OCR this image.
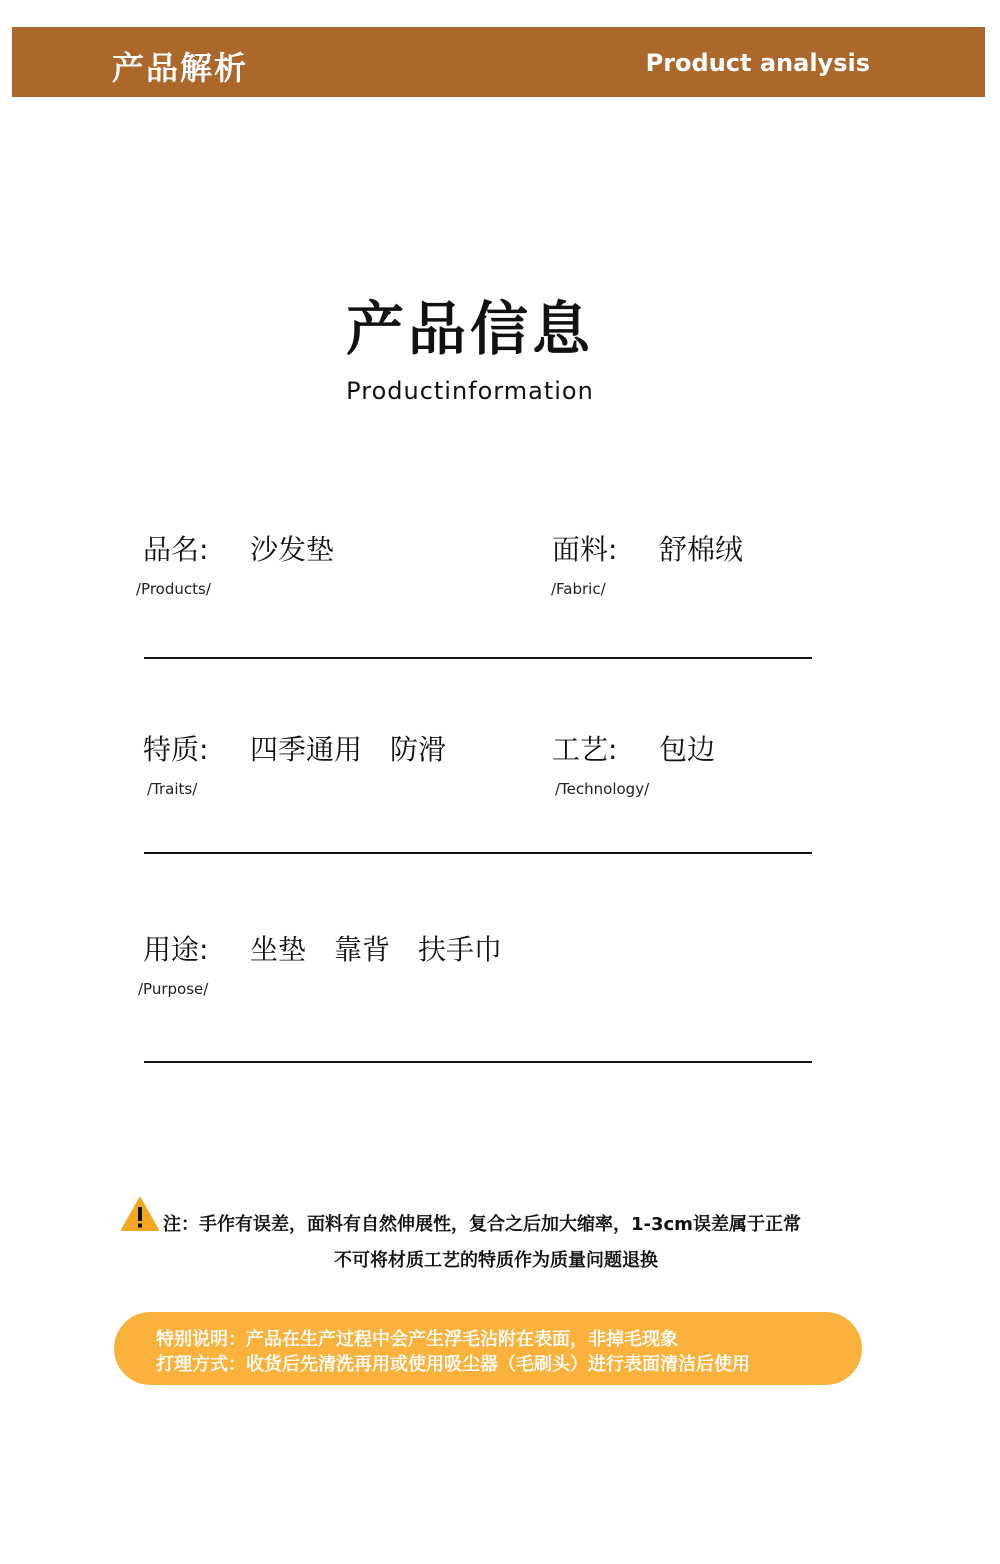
产品解析	Product analysis
产品信息
Productinformation
品名: 沙发垫
/Products/
面料: 舒棉绒
/Fabric/
特质: 四季通用　防滑
/Traits/
工艺: 包边
/Technology/
用途: 坐垫　靠背　扶手巾
/Purpose/
注：手作有误差，面料有自然伸展性，复合之后加大缩率，1-3cm误差属于正常
不可将材质工艺的特质作为质量问题退换
特别说明：产品在生产过程中会产生浮毛沾附在表面，非掉毛现象
打理方式：收货后先清洗再用或使用吸尘器（毛刷头）进行表面清洁后使用
